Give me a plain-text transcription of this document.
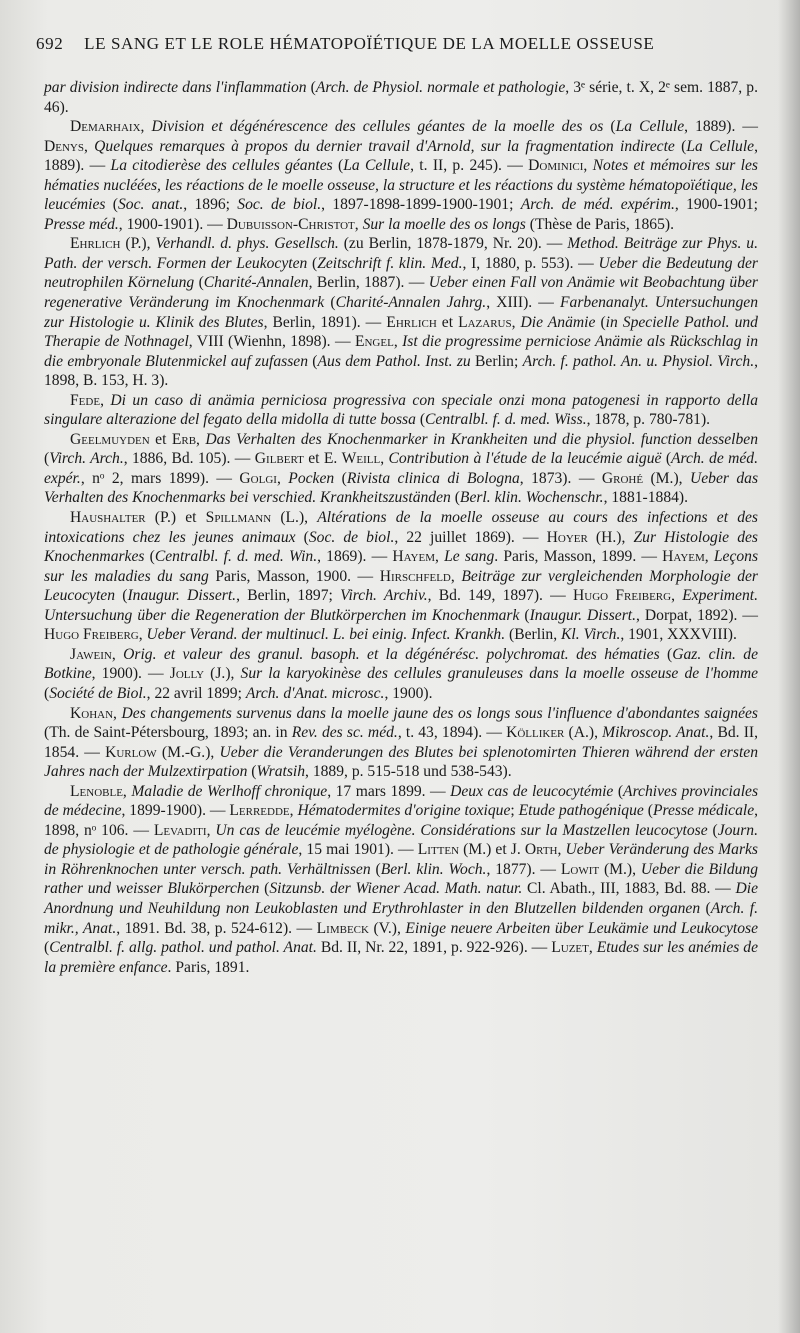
692 LE SANG ET LE ROLE HÉMATOPOÏÉTIQUE DE LA MOELLE OSSEUSE

par division indirecte dans l'inflammation (Arch. de Physiol. normale et pathologie, 3ᵉ série, t. X, 2ᵉ sem. 1887, p. 46).

Demarhaix, Division et dégénérescence des cellules géantes de la moelle des os (La Cellule, 1889). — Denys, Quelques remarques à propos du dernier travail d'Arnold, sur la fragmentation indirecte (La Cellule, 1889). — La citodierèse des cellules géantes (La Cellule, t. II, p. 245). — Dominici, Notes et mémoires sur les hématies nucléées, les réactions de le moelle osseuse, la structure et les réactions du système hématopoïétique, les leucémies (Soc. anat., 1896; Soc. de biol., 1897-1898-1899-1900-1901; Arch. de méd. expérim., 1900-1901; Presse méd., 1900-1901). — Dubuisson-Christot, Sur la moelle des os longs (Thèse de Paris, 1865).

Ehrlich (P.), Verhandl. d. phys. Gesellsch. (zu Berlin, 1878-1879, Nr. 20). — Method. Beiträge zur Phys. u. Path. der versch. Formen der Leukocyten (Zeitschrift f. klin. Med., I, 1880, p. 553). — Ueber die Bedeutung der neutrophilen Körnelung (Charité-Annalen, Berlin, 1887). — Ueber einen Fall von Anämie wit Beobachtung über regenerative Veränderung im Knochenmark (Charité-Annalen Jahrg., XIII). — Farbenanalyt. Untersuchungen zur Histologie u. Klinik des Blutes, Berlin, 1891). — Ehrlich et Lazarus, Die Anämie (in Specielle Pathol. und Therapie de Nothnagel, VIII (Wienhn, 1898). — Engel, Ist die progressime perniciose Anämie als Rückschlag in die embryonale Blutenmickel auf zufassen (Aus dem Pathol. Inst. zu Berlin; Arch. f. pathol. An. u. Physiol. Virch., 1898, B. 153, H. 3).

Fede, Di un caso di anämia perniciosa progressiva con speciale onzi mona patogenesi in rapporto della singulare alterazione del fegato della midolla di tutte bossa (Centralbl. f. d. med. Wiss., 1878, p. 780-781).

Geelmuyden et Erb, Das Verhalten des Knochenmarker in Krankheiten und die physiol. function desselben (Virch. Arch., 1886, Bd. 105). — Gilbert et E. Weill, Contribution à l'étude de la leucémie aiguë (Arch. de méd. expér., nᵒ 2, mars 1899). — Golgi, Pocken (Rivista clinica di Bologna, 1873). — Grohé (M.), Ueber das Verhalten des Knochenmarks bei verschied. Krankheitszuständen (Berl. klin. Wochenschr., 1881-1884).

Haushalter (P.) et Spillmann (L.), Altérations de la moelle osseuse au cours des infections et des intoxications chez les jeunes animaux (Soc. de biol., 22 juillet 1869). — Hoyer (H.), Zur Histologie des Knochenmarkes (Centralbl. f. d. med. Win., 1869). — Hayem, Le sang. Paris, Masson, 1899. — Hayem, Leçons sur les maladies du sang Paris, Masson, 1900. — Hirschfeld, Beiträge zur vergleichenden Morphologie der Leucocyten (Inaugur. Dissert., Berlin, 1897; Virch. Archiv., Bd. 149, 1897). — Hugo Freiberg, Experiment. Untersuchung über die Regeneration der Blutkörperchen im Knochenmark (Inaugur. Dissert., Dorpat, 1892). — Hugo Freiberg, Ueber Verand. der multinucl. L. bei einig. Infect. Krankh. (Berlin, Kl. Virch., 1901, XXXVIII).

Jawein, Orig. et valeur des granul. basoph. et la dégénérésc. polychromat. des hématies (Gaz. clin. de Botkine, 1900). — Jolly (J.), Sur la karyokinèse des cellules granuleuses dans la moelle osseuse de l'homme (Société de Biol., 22 avril 1899; Arch. d'Anat. microsc., 1900).

Kohan, Des changements survenus dans la moelle jaune des os longs sous l'influence d'abondantes saignées (Th. de Saint-Pétersbourg, 1893; an. in Rev. des sc. méd., t. 43, 1894). — Kölliker (A.), Mikroscop. Anat., Bd. II, 1854. — Kurlow (M.-G.), Ueber die Veranderungen des Blutes bei splenotomirten Thieren während der ersten Jahres nach der Mulzextirpation (Wratsih, 1889, p. 515-518 und 538-543).

Lenoble, Maladie de Werlhoff chronique, 17 mars 1899. — Deux cas de leucocytémie (Archives provinciales de médecine, 1899-1900). — Lerredde, Hématodermites d'origine toxique; Etude pathogénique (Presse médicale, 1898, nᵒ 106. — Levaditi, Un cas de leucémie myélogène. Considérations sur la Mastzellen leucocytose (Journ. de physiologie et de pathologie générale, 15 mai 1901). — Litten (M.) et J. Orth, Ueber Veränderung des Marks in Röhrenknochen unter versch. path. Verhältnissen (Berl. klin. Woch., 1877). — Lowit (M.), Ueber die Bildung rather und weisser Blukörperchen (Sitzunsb. der Wiener Acad. Math. natur. Cl. Abath., III, 1883, Bd. 88. — Die Anordnung und Neuhildung non Leukoblasten und Erythrohlaster in den Blutzellen bildenden organen (Arch. f. mikr., Anat., 1891. Bd. 38, p. 524-612). — Limbeck (V.), Einige neuere Arbeiten über Leukämie und Leukocytose (Centralbl. f. allg. pathol. und pathol. Anat. Bd. II, Nr. 22, 1891, p. 922-926). — Luzet, Etudes sur les anémies de la première enfance. Paris, 1891.
